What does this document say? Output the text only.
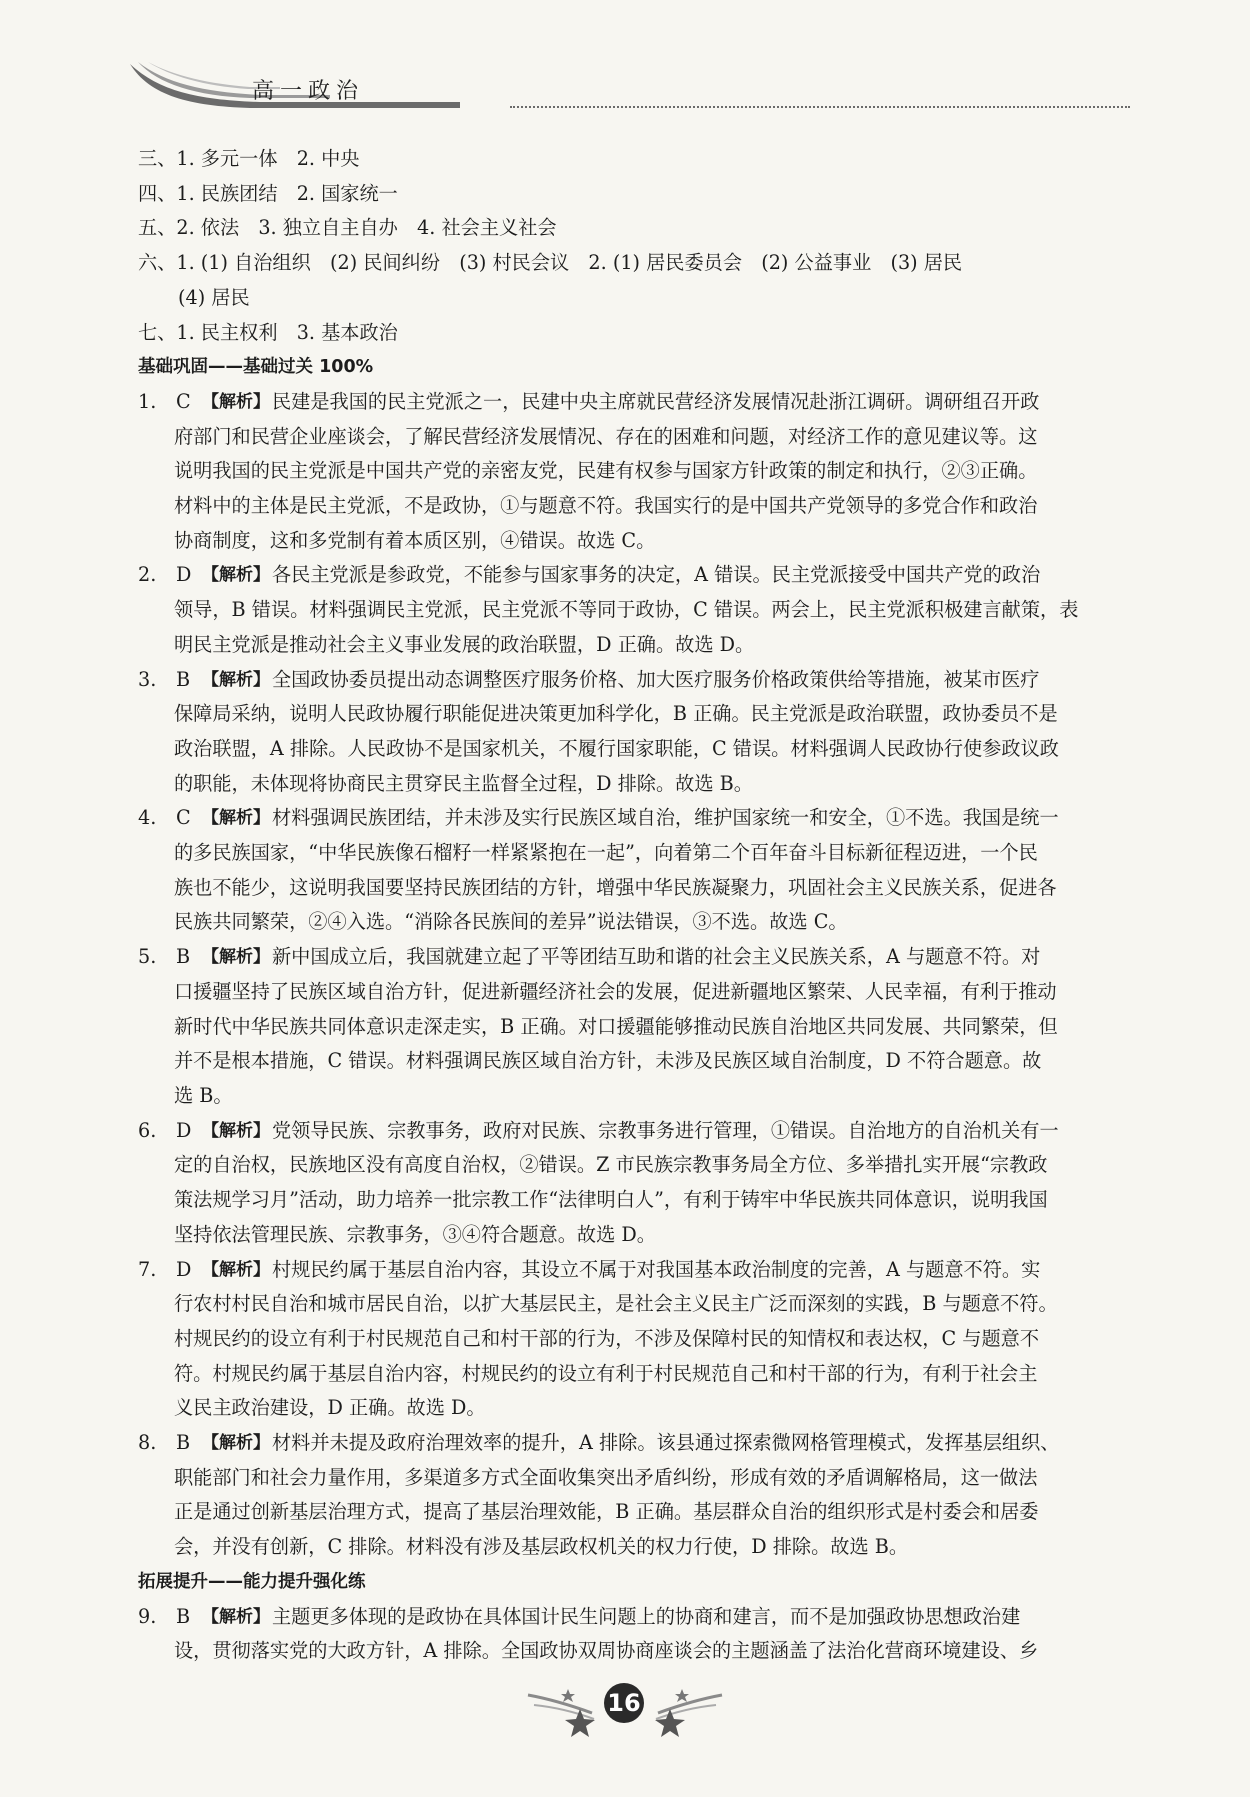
高一政治

三、1. 多元一体　2. 中央

四、1. 民族团结　2. 国家统一

五、2. 依法　3. 独立自主自办　4. 社会主义社会

六、1. (1) 自治组织　(2) 民间纠纷　(3) 村民会议　2. (1) 居民委员会　(2) 公益事业　(3) 居民

(4) 居民

七、1. 民主权利　3. 基本政治

基础巩固——基础过关 100%

1.	C 【解析】 民建是我国的民主党派之一，民建中央主席就民营经济发展情况赴浙江调研。调研组召开政
府部门和民营企业座谈会，了解民营经济发展情况、存在的困难和问题，对经济工作的意见建议等。这
说明我国的民主党派是中国共产党的亲密友党，民建有权参与国家方针政策的制定和执行，②③正确。
材料中的主体是民主党派，不是政协，①与题意不符。我国实行的是中国共产党领导的多党合作和政治
协商制度，这和多党制有着本质区别，④错误。故选 C。
2.	D 【解析】 各民主党派是参政党，不能参与国家事务的决定，A 错误。民主党派接受中国共产党的政治
领导，B 错误。材料强调民主党派，民主党派不等同于政协，C 错误。两会上，民主党派积极建言献策，表
明民主党派是推动社会主义事业发展的政治联盟，D 正确。故选 D。
3.	B 【解析】 全国政协委员提出动态调整医疗服务价格、加大医疗服务价格政策供给等措施，被某市医疗
保障局采纳，说明人民政协履行职能促进决策更加科学化，B 正确。民主党派是政治联盟，政协委员不是
政治联盟，A 排除。人民政协不是国家机关，不履行国家职能，C 错误。材料强调人民政协行使参政议政
的职能，未体现将协商民主贯穿民主监督全过程，D 排除。故选 B。
4.	C 【解析】 材料强调民族团结，并未涉及实行民族区域自治，维护国家统一和安全，①不选。我国是统一
的多民族国家，“中华民族像石榴籽一样紧紧抱在一起”，向着第二个百年奋斗目标新征程迈进，一个民
族也不能少，这说明我国要坚持民族团结的方针，增强中华民族凝聚力，巩固社会主义民族关系，促进各
民族共同繁荣，②④入选。“消除各民族间的差异”说法错误，③不选。故选 C。
5.	B 【解析】 新中国成立后，我国就建立起了平等团结互助和谐的社会主义民族关系，A 与题意不符。对
口援疆坚持了民族区域自治方针，促进新疆经济社会的发展，促进新疆地区繁荣、人民幸福，有利于推动
新时代中华民族共同体意识走深走实，B 正确。对口援疆能够推动民族自治地区共同发展、共同繁荣，但
并不是根本措施，C 错误。材料强调民族区域自治方针，未涉及民族区域自治制度，D 不符合题意。故
选 B。
6.	D 【解析】 党领导民族、宗教事务，政府对民族、宗教事务进行管理，①错误。自治地方的自治机关有一
定的自治权，民族地区没有高度自治权，②错误。Z 市民族宗教事务局全方位、多举措扎实开展“宗教政
策法规学习月”活动，助力培养一批宗教工作“法律明白人”，有利于铸牢中华民族共同体意识，说明我国
坚持依法管理民族、宗教事务，③④符合题意。故选 D。
7.	D 【解析】 村规民约属于基层自治内容，其设立不属于对我国基本政治制度的完善，A 与题意不符。实
行农村村民自治和城市居民自治，以扩大基层民主，是社会主义民主广泛而深刻的实践，B 与题意不符。
村规民约的设立有利于村民规范自己和村干部的行为，不涉及保障村民的知情权和表达权，C 与题意不
符。村规民约属于基层自治内容，村规民约的设立有利于村民规范自己和村干部的行为，有利于社会主
义民主政治建设，D 正确。故选 D。
8.	B 【解析】 材料并未提及政府治理效率的提升，A 排除。该县通过探索微网格管理模式，发挥基层组织、
职能部门和社会力量作用，多渠道多方式全面收集突出矛盾纠纷，形成有效的矛盾调解格局，这一做法
正是通过创新基层治理方式，提高了基层治理效能，B 正确。基层群众自治的组织形式是村委会和居委
会，并没有创新，C 排除。材料没有涉及基层政权机关的权力行使，D 排除。故选 B。

拓展提升——能力提升强化练

9.	B 【解析】 主题更多体现的是政协在具体国计民生问题上的协商和建言，而不是加强政协思想政治建
设，贯彻落实党的大政方针，A 排除。全国政协双周协商座谈会的主题涵盖了法治化营商环境建设、乡
16
